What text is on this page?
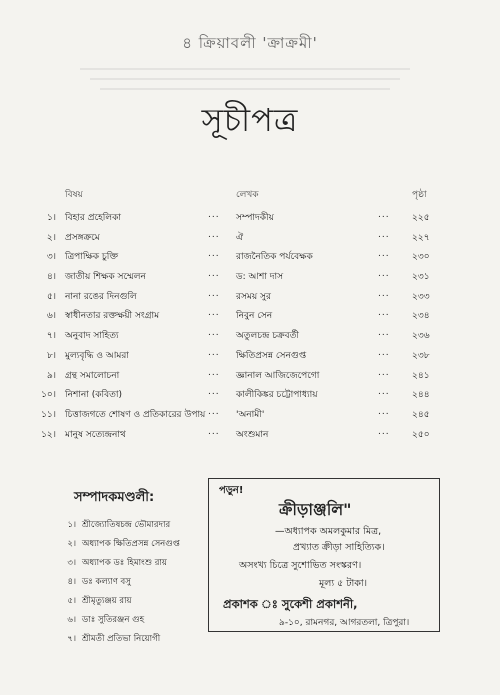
৪ ক্রিয়াবলী 'ক্রাক্রমী'
সূচীপত্র
বিষয়	লেখক	পৃষ্ঠা
১। বিহার প্রহেলিকা	... সম্পাদকীয়	... ২২৫
২। প্রসঙ্গক্রমে	... ঐ	... ২২৭
৩। ত্রিপাক্ষিক চুক্তি	... রাজনৈতিক পর্যবেক্ষক	... ২৩০
৪। জাতীয় শিক্ষক সম্মেলন	... ড: আশা দাস	... ২৩১
৫। নানা রঙের দিনগুলি	... রসময় সুর	... ২৩৩
৬। স্বাধীনতার রক্তক্ষয়ী সংগ্রাম	... নিবুন সেন	... ২৩৪
৭। অনুবাদ সাহিত্য	... অতুলচন্দ্র চক্রবর্তী	... ২৩৬
৮। মুল্যবৃদ্ধি ও আমরা	... ক্ষিতিপ্রসন্ন সেনগুপ্ত	... ২৩৮
৯। গ্রন্থ সমালোচনা	... জ্ঞানাল আজিজেপেগো	... ২৪১
১০। নিশানা (কবিতা)	... কালীকিঙ্কর চট্টোপাধ্যায়	... ২৪৪
১১। চিত্তাজগতে শোষণ ও প্রতিকারের উপায় ... 'অনামী'	... ২৪৫
১২। মানুষ সত্যেন্দ্রনাথ	... অংশুমান	... ২৫০
সম্পাদকমণ্ডলী:
১। শ্রীজ্যোতিষচন্দ্র ভৌমারদার
২। অধ্যাপক ক্ষিতিপ্রসন্ন সেনগুপ্ত
৩। অধ্যাপক ডঃ হিমাংশু রায়
৪। ডঃ কল্যাণ বসু
৫। শ্রীমৃত্যুঞ্জয় রায়
৬। ডাঃ সুতিরঞ্জন গুহ
৭। শ্রীমতী প্রতিভা নিয়োগী
পড়ুন!
ক্রীড়াঞ্জলি"
—অধ্যাপক অমলকুমার মিত্র,
প্রখ্যাত ক্রীড়া সাহিত্যিক।
অসংখ্য চিত্রে সুশোভিত সংস্করণ।
মূল্য ৫ টাকা।
প্রকাশক ঃ সুকেশী প্রকাশনী,
৯-১০, রামনগর, আগরতলা, ত্রিপুরা।
